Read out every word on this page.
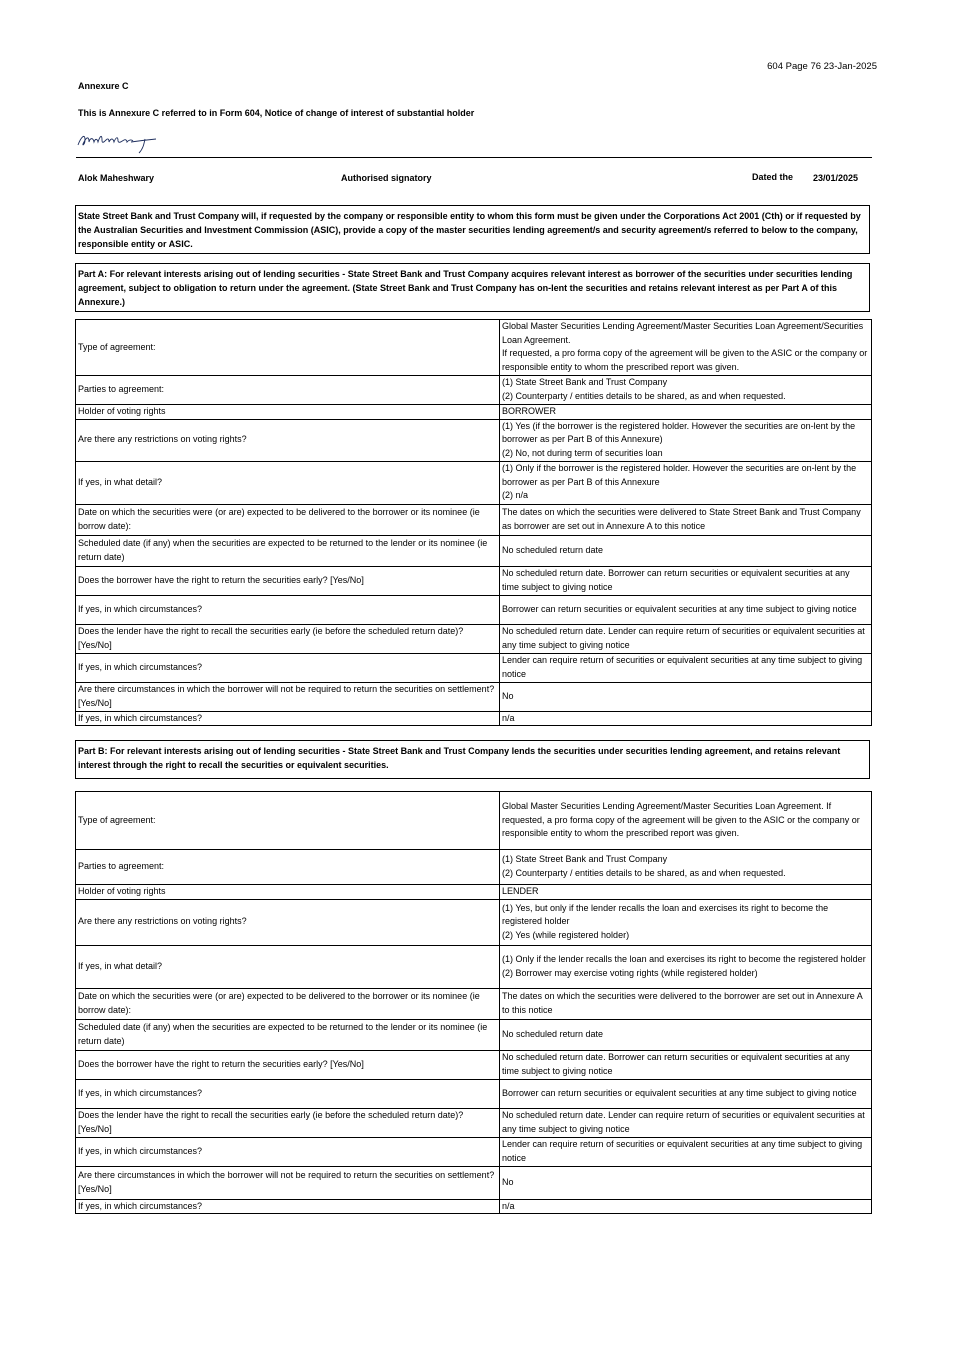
604 Page 76 23-Jan-2025
Annexure C
This is Annexure C referred to in Form 604, Notice of change of interest of substantial holder
Alok Maheshwary	Authorised signatory	Dated the 23/01/2025

State Street Bank and Trust Company will, if requested by the company or responsible entity to whom this form must be given under the Corporations Act 2001 (Cth) or if requested by the Australian Securities and Investment Commission (ASIC), provide a copy of the master securities lending agreement/s and security agreement/s referred to below to the company, responsible entity or ASIC.

Part A: For relevant interests arising out of lending securities - State Street Bank and Trust Company acquires relevant interest as borrower of the securities under securities lending agreement, subject to obligation to return under the agreement. (State Street Bank and Trust Company has on-lent the securities and retains relevant interest as per Part A of this Annexure.)

Type of agreement:	Global Master Securities Lending Agreement/Master Securities Loan Agreement/Securities Loan Agreement.
If requested, a pro forma copy of the agreement will be given to the ASIC or the company or responsible entity to whom the prescribed report was given.
Parties to agreement:	(1) State Street Bank and Trust Company
(2) Counterparty / entities details to be shared, as and when requested.
Holder of voting rights	BORROWER
Are there any restrictions on voting rights?	(1) Yes (if the borrower is the registered holder. However the securities are on-lent by the borrower as per Part B of this Annexure)
(2) No, not during term of securities loan
If yes, in what detail?	(1) Only if the borrower is the registered holder. However the securities are on-lent by the borrower as per Part B of this Annexure
(2) n/a
Date on which the securities were (or are) expected to be delivered to the borrower or its nominee (ie borrow date):	The dates on which the securities were delivered to State Street Bank and Trust Company as borrower are set out in Annexure A to this notice
Scheduled date (if any) when the securities are expected to be returned to the lender or its nominee (ie return date)	No scheduled return date
Does the borrower have the right to return the securities early? [Yes/No]	No scheduled return date. Borrower can return securities or equivalent securities at any time subject to giving notice
If yes, in which circumstances?	Borrower can return securities or equivalent securities at any time subject to giving notice
Does the lender have the right to recall the securities early (ie before the scheduled return date)? [Yes/No]	No scheduled return date. Lender can require return of securities or equivalent securities at any time subject to giving notice
If yes, in which circumstances?	Lender can require return of securities or equivalent securities at any time subject to giving notice
Are there circumstances in which the borrower will not be required to return the securities on settlement? [Yes/No]	No
If yes, in which circumstances?	n/a

Part B: For relevant interests arising out of lending securities - State Street Bank and Trust Company lends the securities under securities lending agreement, and retains relevant interest through the right to recall the securities or equivalent securities.

Type of agreement:	Global Master Securities Lending Agreement/Master Securities Loan Agreement. If requested, a pro forma copy of the agreement will be given to the ASIC or the company or responsible entity to whom the prescribed report was given.
Parties to agreement:	(1) State Street Bank and Trust Company
(2) Counterparty / entities details to be shared, as and when requested.
Holder of voting rights	LENDER
Are there any restrictions on voting rights?	(1) Yes, but only if the lender recalls the loan and exercises its right to become the registered holder
(2) Yes (while registered holder)
If yes, in what detail?	(1) Only if the lender recalls the loan and exercises its right to become the registered holder
(2) Borrower may exercise voting rights (while registered holder)
Date on which the securities were (or are) expected to be delivered to the borrower or its nominee (ie borrow date):	The dates on which the securities were delivered to the borrower are set out in Annexure A to this notice
Scheduled date (if any) when the securities are expected to be returned to the lender or its nominee (ie return date)	No scheduled return date
Does the borrower have the right to return the securities early? [Yes/No]	No scheduled return date. Borrower can return securities or equivalent securities at any time subject to giving notice
If yes, in which circumstances?	Borrower can return securities or equivalent securities at any time subject to giving notice
Does the lender have the right to recall the securities early (ie before the scheduled return date)? [Yes/No]	No scheduled return date. Lender can require return of securities or equivalent securities at any time subject to giving notice
If yes, in which circumstances?	Lender can require return of securities or equivalent securities at any time subject to giving notice
Are there circumstances in which the borrower will not be required to return the securities on settlement? [Yes/No]	No
If yes, in which circumstances?	n/a
